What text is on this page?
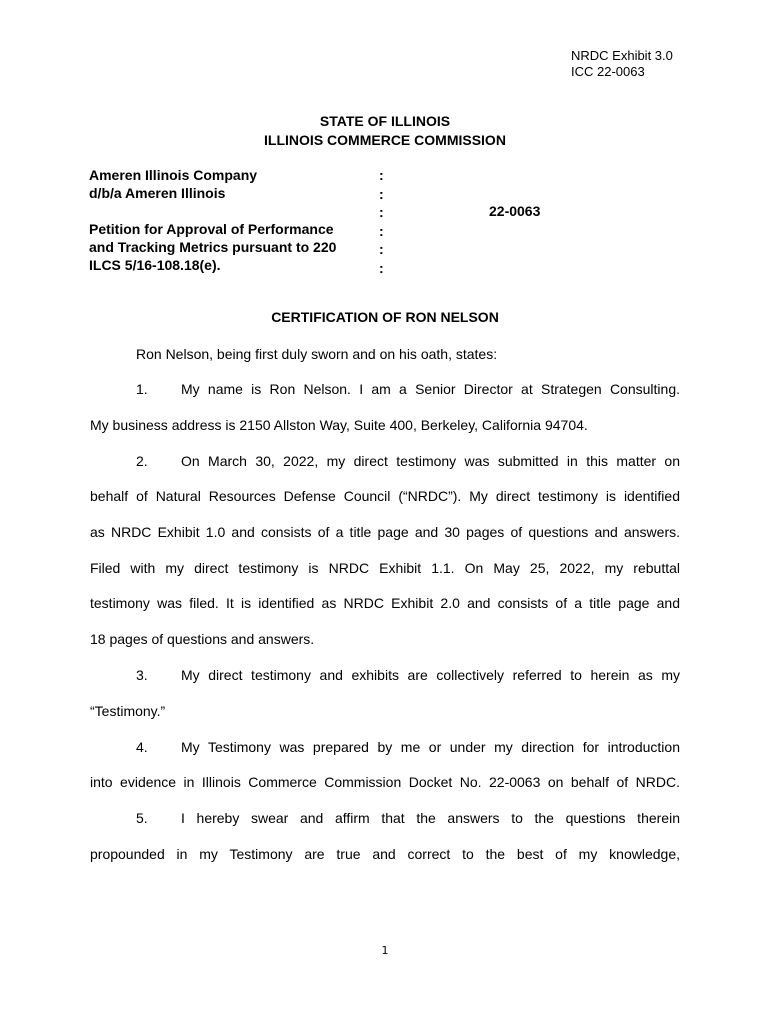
NRDC Exhibit 3.0
ICC 22-0063
STATE OF ILLINOIS
ILLINOIS COMMERCE COMMISSION
Ameren Illinois Company
d/b/a Ameren Illinois
Petition for Approval of Performance
and Tracking Metrics pursuant to 220
ILCS 5/16-108.18(e).
:
:
:
:
:
:
22-0063
CERTIFICATION OF RON NELSON
Ron Nelson, being first duly sworn and on his oath, states:
1. My name is Ron Nelson. I am a Senior Director at Strategen Consulting.
My business address is 2150 Allston Way, Suite 400, Berkeley, California 94704.
2. On March 30, 2022, my direct testimony was submitted in this matter on
behalf of Natural Resources Defense Council (“NRDC”). My direct testimony is identified
as NRDC Exhibit 1.0 and consists of a title page and 30 pages of questions and answers.
Filed with my direct testimony is NRDC Exhibit 1.1. On May 25, 2022, my rebuttal
testimony was filed. It is identified as NRDC Exhibit 2.0 and consists of a title page and
18 pages of questions and answers.
3. My direct testimony and exhibits are collectively referred to herein as my
“Testimony.”
4. My Testimony was prepared by me or under my direction for introduction
into evidence in Illinois Commerce Commission Docket No. 22-0063 on behalf of NRDC.
5. I hereby swear and affirm that the answers to the questions therein
propounded in my Testimony are true and correct to the best of my knowledge,
1
